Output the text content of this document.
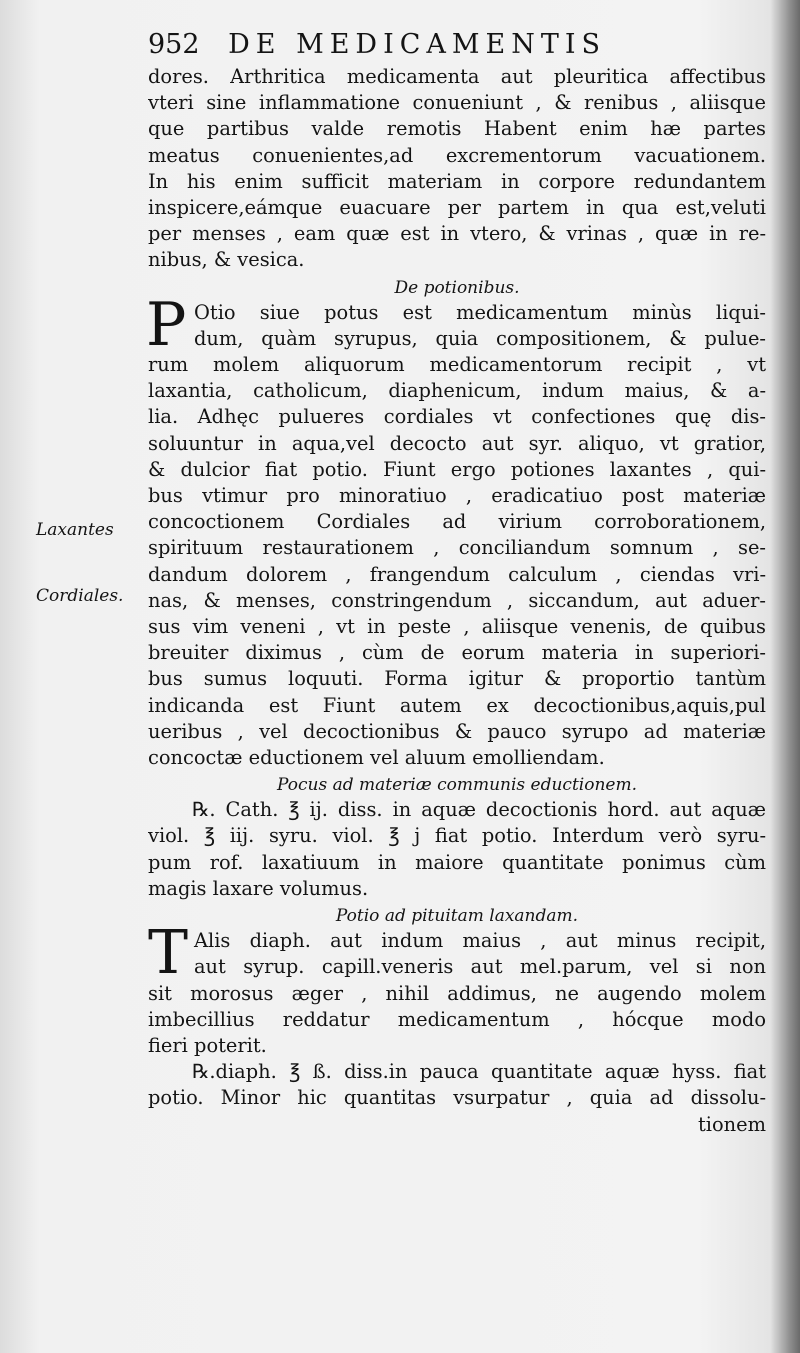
952 DE MEDICAMENTIS
Laxantes
Cordiales.
dores. Arthritica medicamenta aut pleuritica affectibus
vteri sine inflammatione conueniunt , & renibus , aliisque
que partibus valde remotis Habent enim hæ partes
meatus conuenientes,ad excrementorum vacuationem.
In his enim sufficit materiam in corpore redundantem
inspicere,eámque euacuare per partem in qua est,veluti
per menses , eam quæ est in vtero, & vrinas , quæ in re-
nibus, & vesica.
De potionibus.
P Otio siue potus est medicamentum minùs liqui-
dum, quàm syrupus, quia compositionem, & pulue-
rum molem aliquorum medicamentorum recipit , vt
laxantia, catholicum, diaphenicum, indum maius, & a-
lia. Adhęc pulueres cordiales vt confectiones quę dis-
soluuntur in aqua,vel decocto aut syr. aliquo, vt gratior,
& dulcior fiat potio. Fiunt ergo potiones laxantes , qui-
bus vtimur pro minoratiuo , eradicatiuo post materiæ
concoctionem Cordiales ad virium corroborationem,
spirituum restaurationem , conciliandum somnum , se-
dandum dolorem , frangendum calculum , ciendas vri-
nas, & menses, constringendum , siccandum, aut aduer-
sus vim veneni , vt in peste , aliisque venenis, de quibus
breuiter diximus , cùm de eorum materia in superiori-
bus sumus loquuti. Forma igitur & proportio tantùm
indicanda est Fiunt autem ex decoctionibus,aquis,pul
ueribus , vel decoctionibus & pauco syrupo ad materiæ
concoctæ eductionem vel aluum emolliendam.
Pocus ad materiæ communis eductionem.
℞. Cath. ℥ ij. diss. in aquæ decoctionis hord. aut aquæ
viol. ℥ iij. syru. viol. ℥ j fiat potio. Interdum verò syru-
pum rof. laxatiuum in maiore quantitate ponimus cùm
magis laxare volumus.
Potio ad pituitam laxandam.
T Alis diaph. aut indum maius , aut minus recipit,
aut syrup. capill.veneris aut mel.parum, vel si non
sit morosus æger , nihil addimus, ne augendo molem
imbecillius reddatur medicamentum , hócque modo
fieri poterit.
℞.diaph. ℥ ß. diss.in pauca quantitate aquæ hyss. fiat
potio. Minor hic quantitas vsurpatur , quia ad dissolu-
tionem
